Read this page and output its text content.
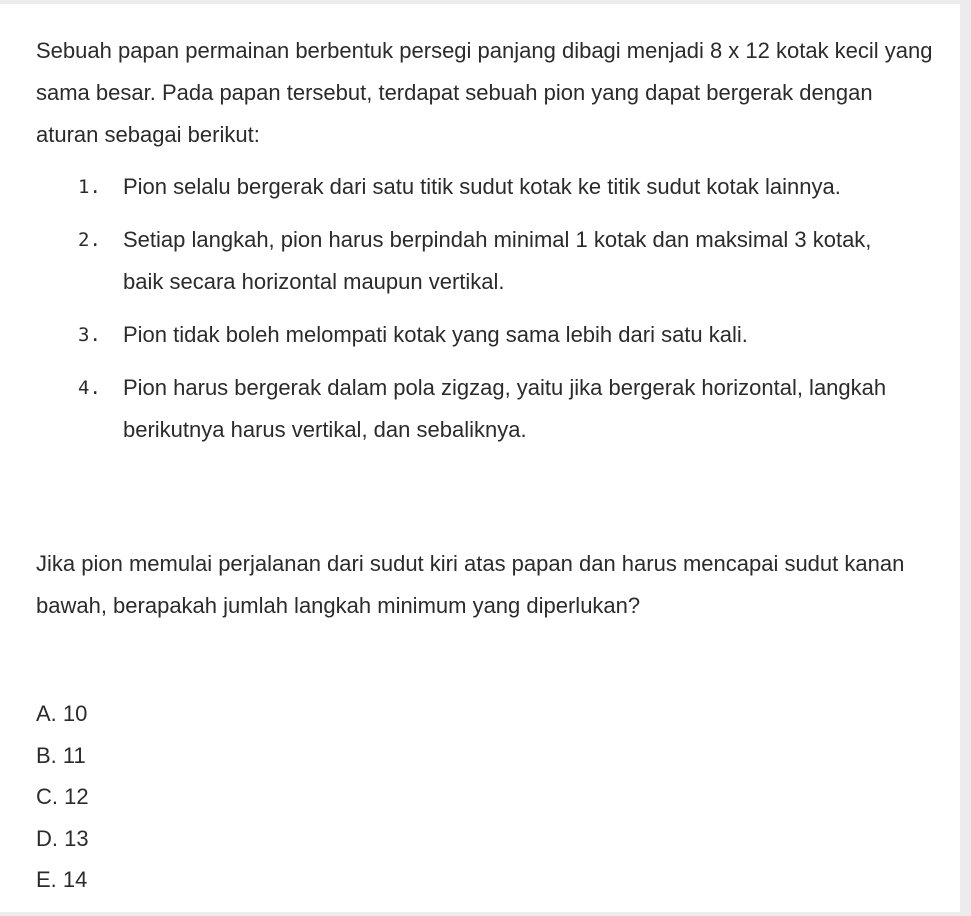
Sebuah papan permainan berbentuk persegi panjang dibagi menjadi 8 x 12 kotak kecil yang sama besar. Pada papan tersebut, terdapat sebuah pion yang dapat bergerak dengan aturan sebagai berikut:

1.	Pion selalu bergerak dari satu titik sudut kotak ke titik sudut kotak lainnya.
2.	Setiap langkah, pion harus berpindah minimal 1 kotak dan maksimal 3 kotak, baik secara horizontal maupun vertikal.
3.	Pion tidak boleh melompati kotak yang sama lebih dari satu kali.
4.	Pion harus bergerak dalam pola zigzag, yaitu jika bergerak horizontal, langkah berikutnya harus vertikal, dan sebaliknya.

Jika pion memulai perjalanan dari sudut kiri atas papan dan harus mencapai sudut kanan bawah, berapakah jumlah langkah minimum yang diperlukan?

A. 10
B. 11
C. 12
D. 13
E. 14
